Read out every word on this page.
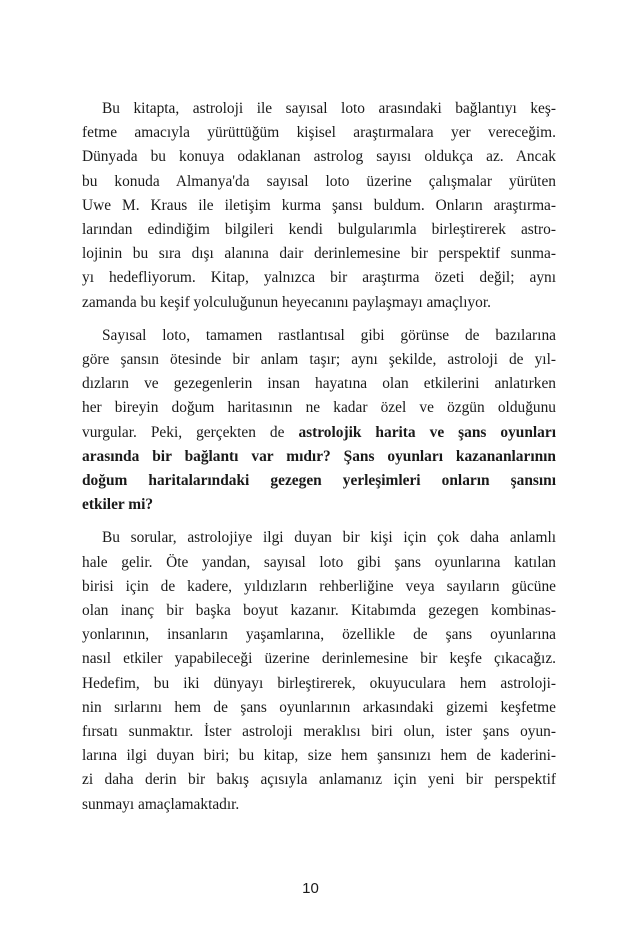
Bu kitapta, astroloji ile sayısal loto arasındaki bağlantıyı keş-
fetme amacıyla yürüttüğüm kişisel araştırmalara yer vereceğim.
Dünyada bu konuya odaklanan astrolog sayısı oldukça az. Ancak
bu konuda Almanya'da sayısal loto üzerine çalışmalar yürüten
Uwe M. Kraus ile iletişim kurma şansı buldum. Onların araştırma-
larından edindiğim bilgileri kendi bulgularımla birleştirerek astro-
lojinin bu sıra dışı alanına dair derinlemesine bir perspektif sunma-
yı hedefliyorum. Kitap, yalnızca bir araştırma özeti değil; aynı
zamanda bu keşif yolculuğunun heyecanını paylaşmayı amaçlıyor.

Sayısal loto, tamamen rastlantısal gibi görünse de bazılarına
göre şansın ötesinde bir anlam taşır; aynı şekilde, astroloji de yıl-
dızların ve gezegenlerin insan hayatına olan etkilerini anlatırken
her bireyin doğum haritasının ne kadar özel ve özgün olduğunu
vurgular. Peki, gerçekten de astrolojik harita ve şans oyunları
arasında bir bağlantı var mıdır? Şans oyunları kazananlarının
doğum haritalarındaki gezegen yerleşimleri onların şansını
etkiler mi?

Bu sorular, astrolojiye ilgi duyan bir kişi için çok daha anlamlı
hale gelir. Öte yandan, sayısal loto gibi şans oyunlarına katılan
birisi için de kadere, yıldızların rehberliğine veya sayıların gücüne
olan inanç bir başka boyut kazanır. Kitabımda gezegen kombinas-
yonlarının, insanların yaşamlarına, özellikle de şans oyunlarına
nasıl etkiler yapabileceği üzerine derinlemesine bir keşfe çıkacağız.
Hedefim, bu iki dünyayı birleştirerek, okuyuculara hem astroloji-
nin sırlarını hem de şans oyunlarının arkasındaki gizemi keşfetme
fırsatı sunmaktır. İster astroloji meraklısı biri olun, ister şans oyun-
larına ilgi duyan biri; bu kitap, size hem şansınızı hem de kaderini-
zi daha derin bir bakış açısıyla anlamanız için yeni bir perspektif
sunmayı amaçlamaktadır.

10
